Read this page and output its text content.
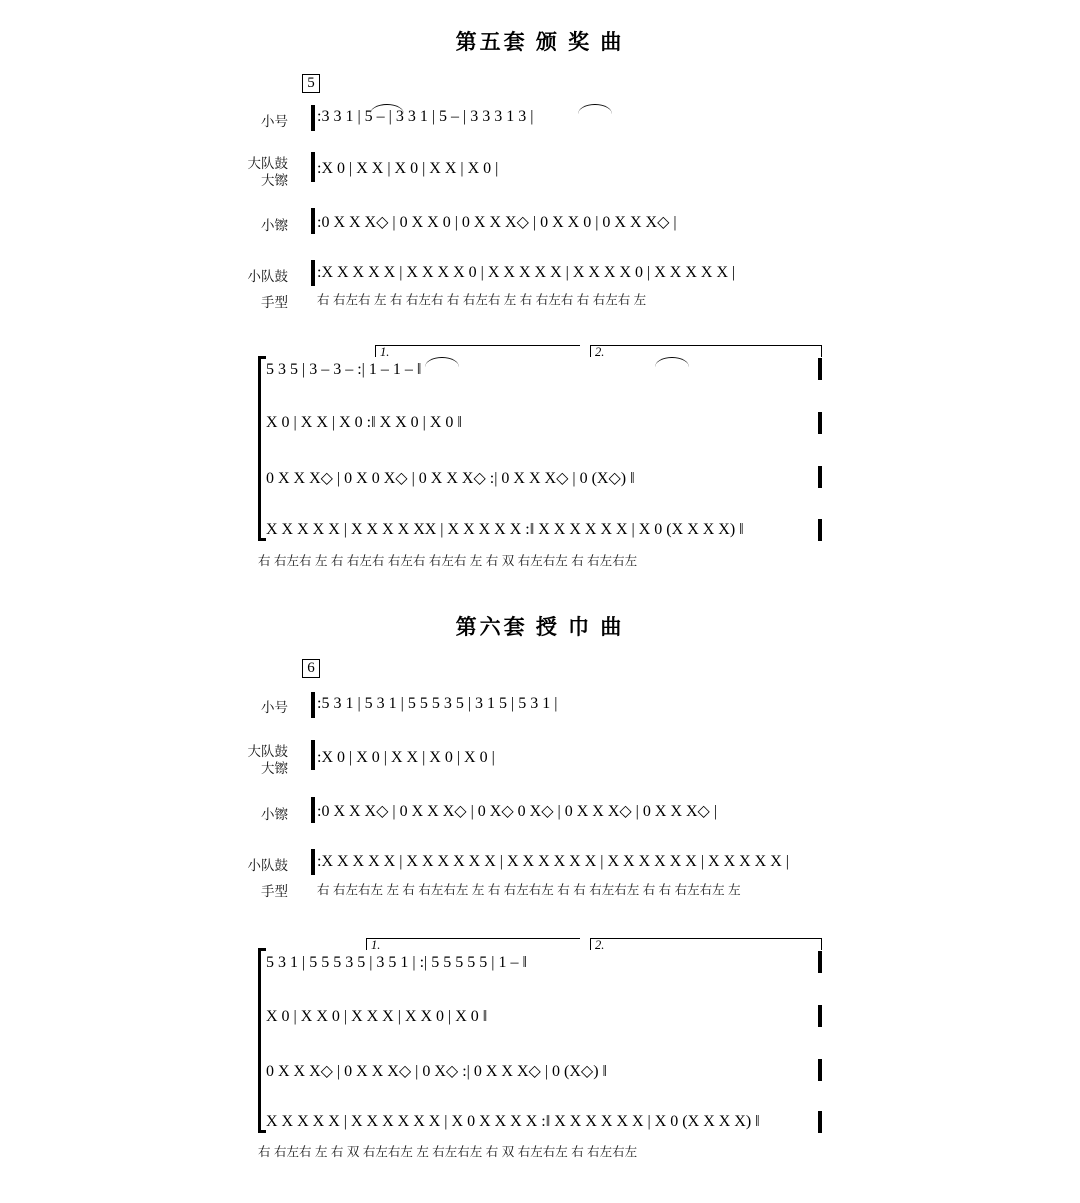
第五套 颁 奖 曲
5
小号
大队鼓
大镲
小镲
小队鼓
手型
:3 3 1 | 5 – | 3 3 1 | 5 – | 3 3 3 1 3 |
:X 0 | X X | X 0 | X X | X 0 |
:0 X X X◇ | 0 X X 0 | 0 X X X◇ | 0 X X 0 | 0 X X X◇ |
:X X X X X | X X X X 0 | X X X X X | X X X X 0 | X X X X X |
右 右左右 左 右 右左右 右 右左右 左 右 右左右 右 右左右 左
1.	2.
5 3 5 | 3 – 3 – :| 1 – 1 – ‖
X 0 | X X | X 0 :‖ X X 0 | X 0 ‖
0 X X X◇ | 0 X 0 X◇ | 0 X X X◇ :| 0 X X X◇ | 0 (X◇) ‖
X X X X X | X X X X XX | X X X X X :‖ X X X X X X | X 0 (X X X X) ‖
右 右左右 左 右 右左右 右左右 右左右 左 右 双 右左右左 右 右左右左
第六套 授 巾 曲
6
小号
大队鼓
大镲
小镲
小队鼓
手型
:5 3 1 | 5 3 1 | 5 5 5 3 5 | 3 1 5 | 5 3 1 |
:X 0 | X 0 | X X | X 0 | X 0 |
:0 X X X◇ | 0 X X X◇ | 0 X◇ 0 X◇ | 0 X X X◇ | 0 X X X◇ |
:X X X X X | X X X X X X | X X X X X X | X X X X X X | X X X X X |
右 右左右左 左 右 右左右左 左 右 右左右左 右 右 右左右左 右 右 右左右左 左
1.	2.
5 3 1 | 5 5 5 3 5 | 3 5 1 | :| 5 5 5 5 5 | 1 – ‖
X 0 | X X 0 | X X X | X X 0 | X 0 ‖
0 X X X◇ | 0 X X X◇ | 0 X◇ :| 0 X X X◇ | 0 (X◇) ‖
X X X X X | X X X X X X | X 0 X X X X :‖ X X X X X X | X 0 (X X X X) ‖
右 右左右 左 右 双 右左右左 左 右左右左 右 双 右左右左 右 右左右左
